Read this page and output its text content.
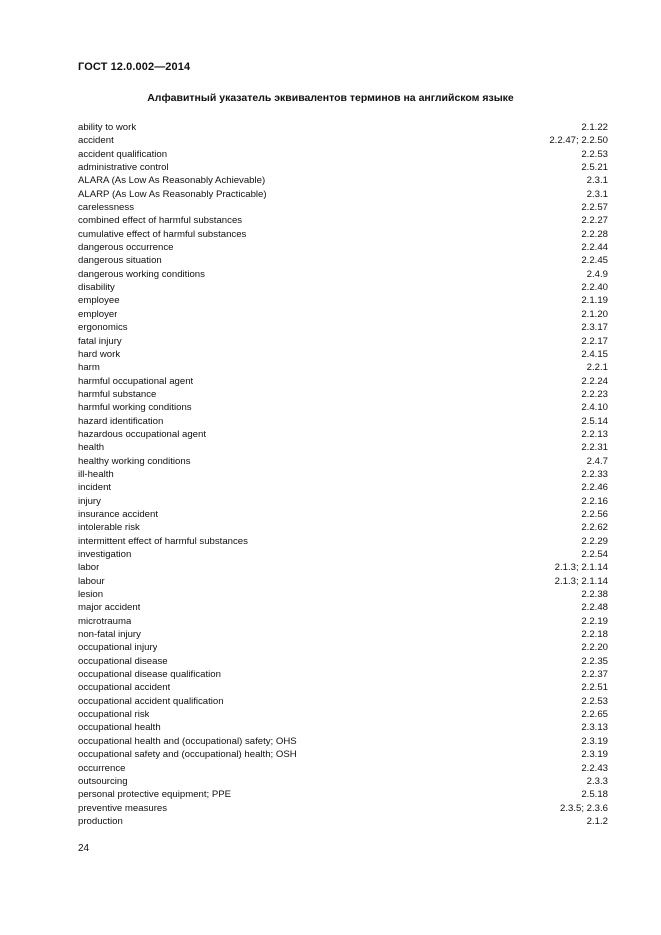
ГОСТ 12.0.002—2014
Алфавитный указатель эквивалентов терминов на английском языке
ability to work	2.1.22
accident	2.2.47; 2.2.50
accident qualification	2.2.53
administrative control	2.5.21
ALARA (As Low As Reasonably Achievable)	2.3.1
ALARP (As Low As Reasonably Practicable)	2.3.1
carelessness	2.2.57
combined effect of harmful substances	2.2.27
cumulative effect of harmful substances	2.2.28
dangerous occurrence	2.2.44
dangerous situation	2.2.45
dangerous working conditions	2.4.9
disability	2.2.40
employee	2.1.19
employer	2.1.20
ergonomics	2.3.17
fatal injury	2.2.17
hard work	2.4.15
harm	2.2.1
harmful occupational agent	2.2.24
harmful substance	2.2.23
harmful working conditions	2.4.10
hazard identification	2.5.14
hazardous occupational agent	2.2.13
health	2.2.31
healthy working conditions	2.4.7
ill-health	2.2.33
incident	2.2.46
injury	2.2.16
insurance accident	2.2.56
intolerable risk	2.2.62
intermittent effect of harmful substances	2.2.29
investigation	2.2.54
labor	2.1.3; 2.1.14
labour	2.1.3; 2.1.14
lesion	2.2.38
major accident	2.2.48
microtrauma	2.2.19
non-fatal injury	2.2.18
occupational injury	2.2.20
occupational disease	2.2.35
occupational disease qualification	2.2.37
occupational accident	2.2.51
occupational accident qualification	2.2.53
occupational risk	2.2.65
occupational health	2.3.13
occupational health and (occupational) safety; OHS	2.3.19
occupational safety and (occupational) health; OSH	2.3.19
occurrence	2.2.43
outsourcing	2.3.3
personal protective equipment; PPE	2.5.18
preventive measures	2.3.5; 2.3.6
production	2.1.2
24
